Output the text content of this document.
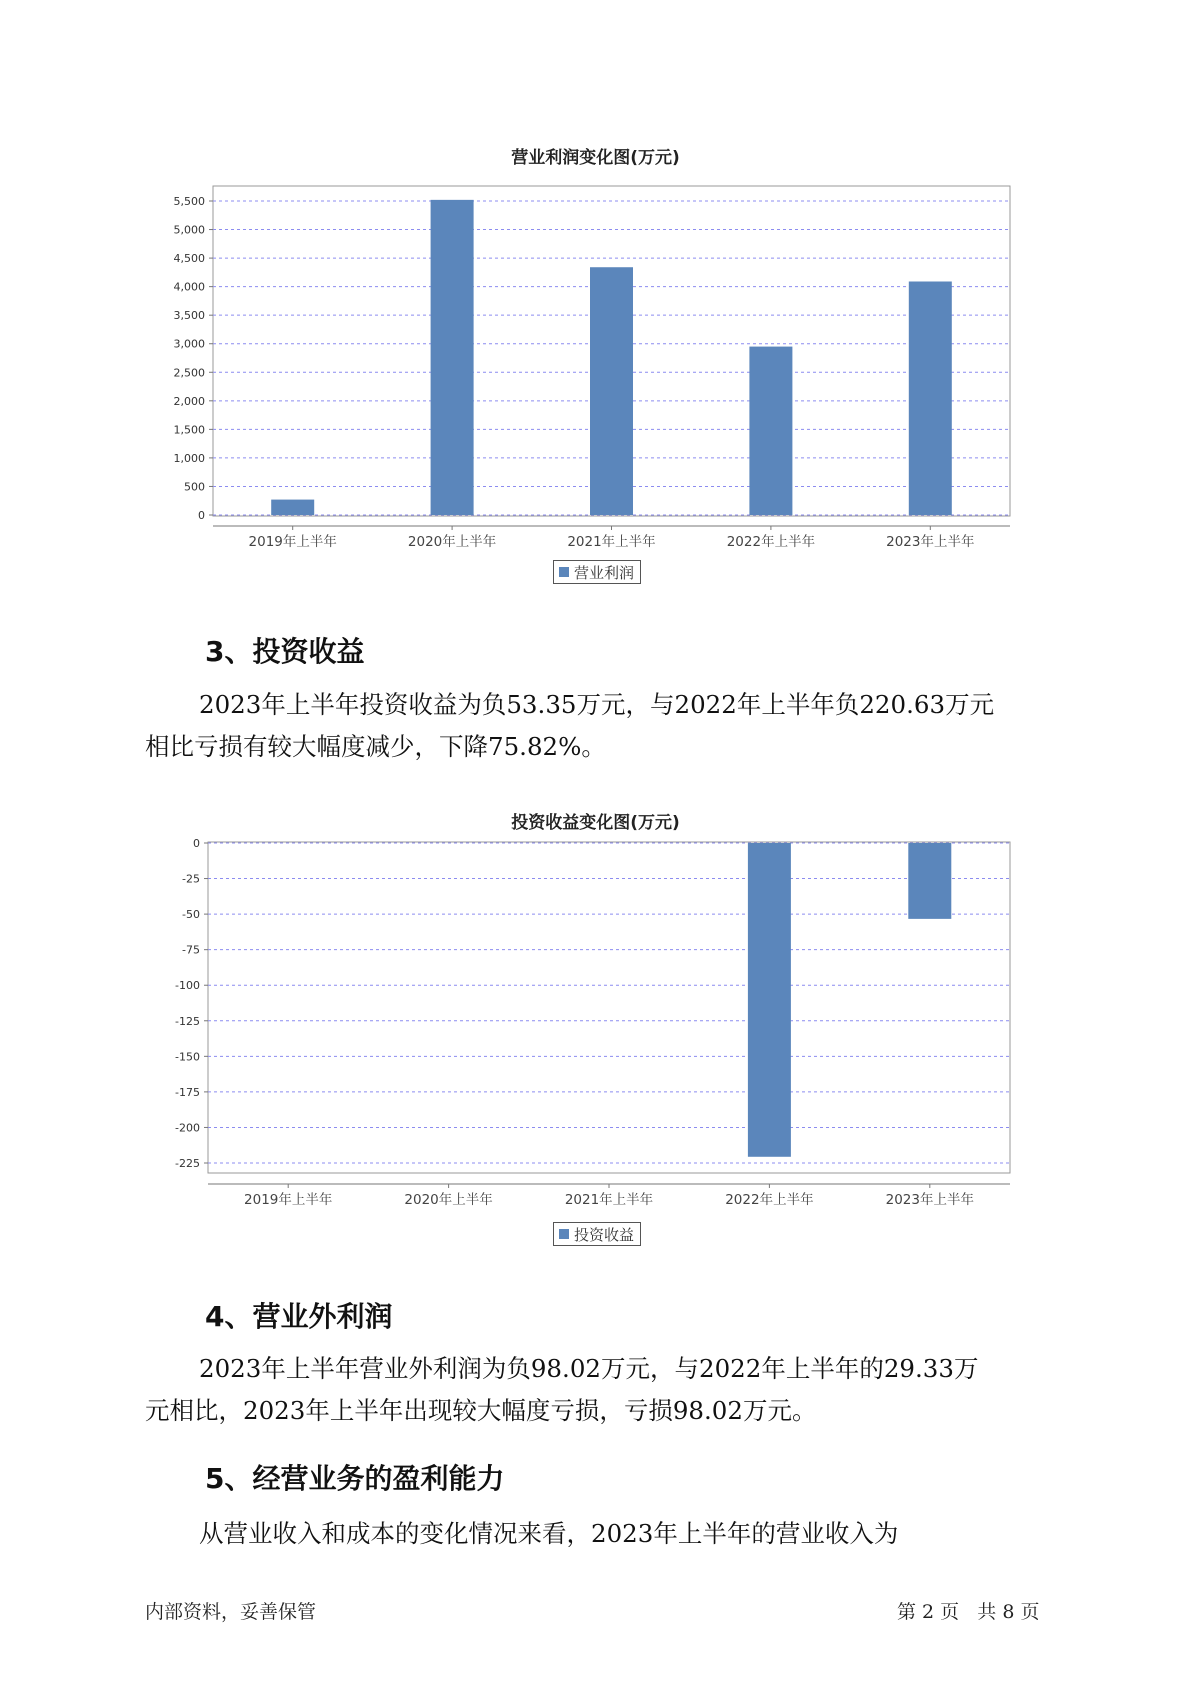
营业利润变化图(万元)
5,500
5,000
4,500
4,000
3,500
3,000
2,500
2,000
1,500
1,000
500
0
2019年上半年	2020年上半年	2021年上半年	2022年上半年	2023年上半年
营业利润
3、投资收益
2023年上半年投资收益为负53.35万元，与2022年上半年负220.63万元
相比亏损有较大幅度减少，下降75.82%。
投资收益变化图(万元)
0
-25
-50
-75
-100
-125
-150
-175
-200
-225
2019年上半年	2020年上半年	2021年上半年	2022年上半年	2023年上半年
投资收益
4、营业外利润
2023年上半年营业外利润为负98.02万元，与2022年上半年的29.33万
元相比，2023年上半年出现较大幅度亏损，亏损98.02万元。
5、经营业务的盈利能力
从营业收入和成本的变化情况来看，2023年上半年的营业收入为
内部资料，妥善保管	第 2 页   共 8 页
